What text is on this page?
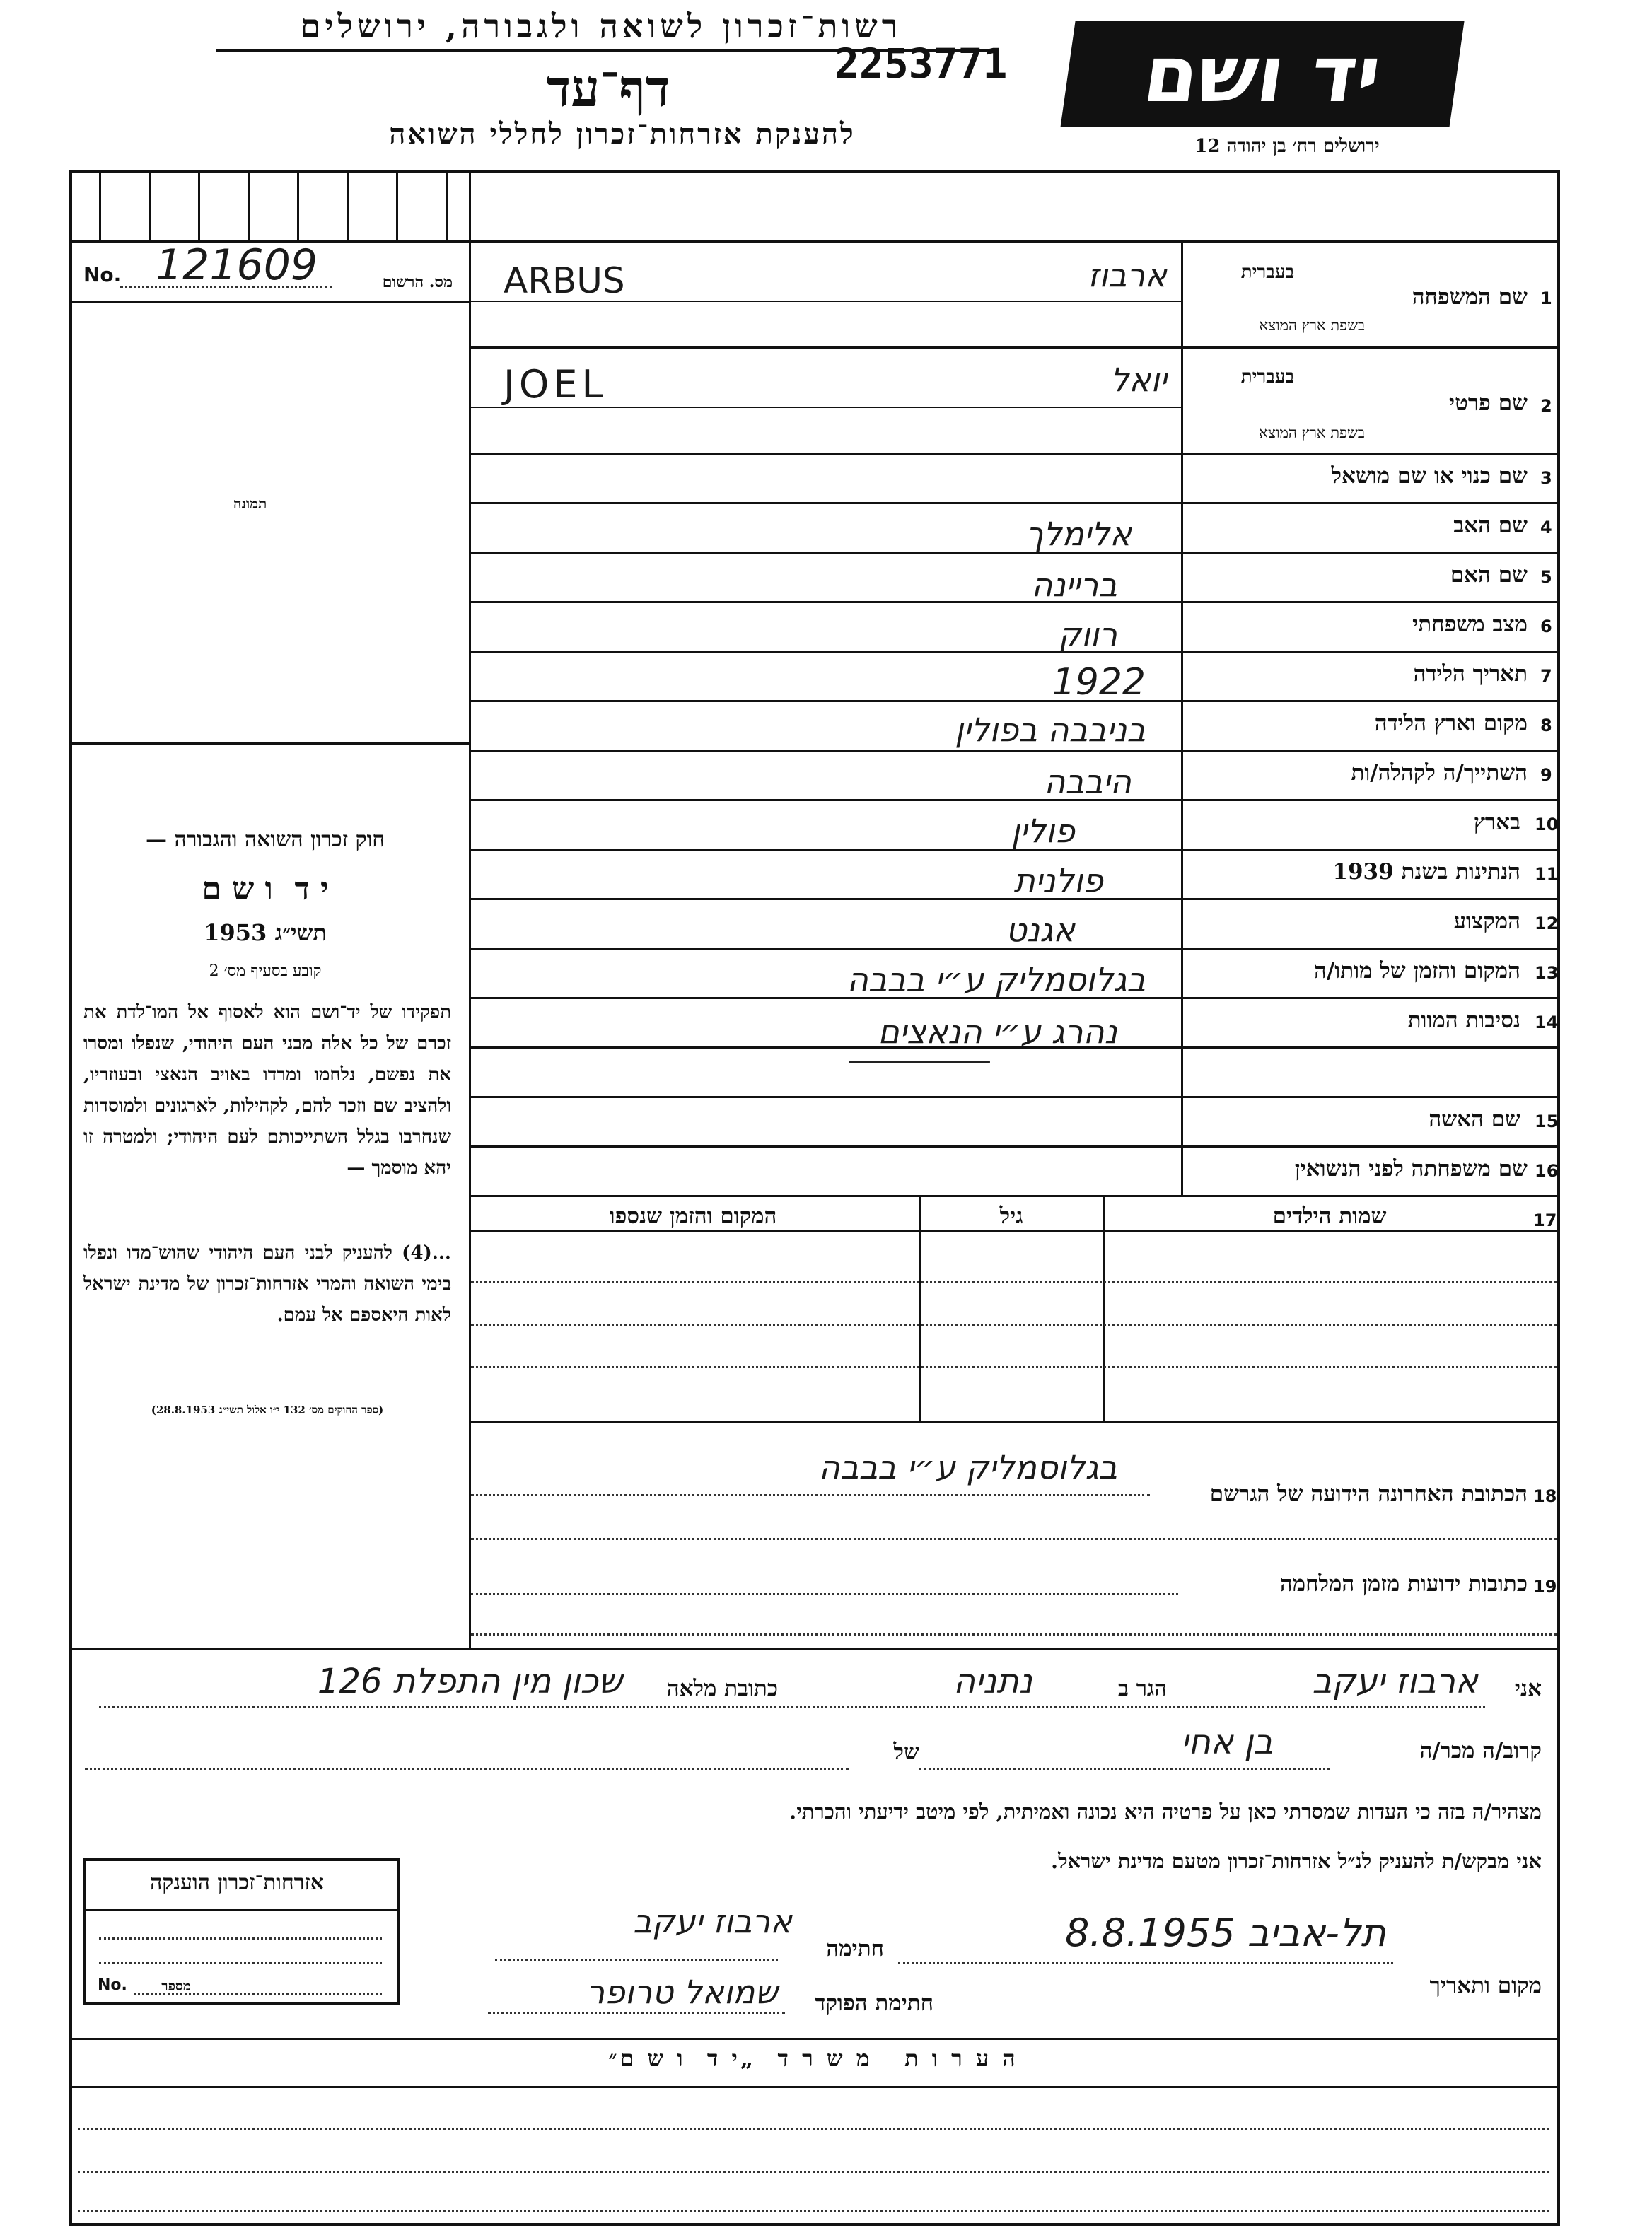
רשות־זכרון לשואה ולגבורה, ירושלים
2253771
דף־עד
להענקת אזרחות־זכרון לחללי השואה
יד ושם
ירושלים רח׳ בן יהודה 12
No. 121609	מס. הרשום
תמונה
חוק זכרון השואה והגבורה —
י ד  ו ש ם
תשי״ג 1953
קובע בסעיף מס׳ 2
תפקידו של יד־ושם הוא לאסוף אל המו־לדת את זכרם של כל אלה מבני העם היהודי, שנפלו ומסרו את נפשם, נלחמו ומרדו באויב הנאצי ובעוזריו, ולהציב שם וזכר להם, לקהילות, לארגונים ולמוסדות שנחרבו בגלל השתייכותם לעם היהודי; ולמטרה זו יהא מוסמך —
...(4) להעניק לבני העם היהודי שהוש־מדו ונפלו בימי השואה והמרי אזרחות־זכרון של מדינת ישראל לאות היאספם אל עמם.
(ספר החוקים מס׳ 132 י״ו אלול תשי״ג 28.8.1953)
1
שם המשפחה
בעברית
בשפת ארץ המוצא
ארבוז
ARBUS
2
שם פרטי
בעברית
בשפת ארץ המוצא
יואל
JOEL
3
שם כנוי או שם מושאל
4
שם האב
אלימלך
5
שם האם
בריינה
6
מצב משפחתי
רווק
7
תאריך הלידה
1922
8
מקום וארץ הלידה
בניבבה בפולין
9
השתייך/ה לקהלה/ות
היבבה
10
בארץ
פולין
11
הנתינות בשנת 1939
פולנית
12
המקצוע
אגנט
13
המקום והזמן של מותו/ה
בגלוסמליק ע״י בבבה
14
נסיבות המוות
נהרג ע״י הנאצים
15
שם האשה
16
שם משפחתה לפני הנשואין
17
שמות הילדים
גיל
המקום והזמן שנספו
18
הכתובת האחרונה הידועה של הגרשם
בגלוסמליק ע״י בבבה
19
כתובות ידועות מזמן המלחמה
אני
ארבוז יעקב
הגר ב
נתניה
כתובת מלאה
שכון מין התפלת 126
קרוב/ה מכר/ה
בן אחי
של
מצהיר/ה בזה כי העדות שמסרתי כאן על פרטיה היא נכונה ואמיתית, לפי מיטב ידיעתי והכרתי.
אני מבקש/ת להעניק לנ״ל אזרחות־זכרון מטעם מדינת ישראל.
מקום ותאריך
תל-אביב 8.8.1955
חתימה
ארבוז יעקב
חתימת הפוקד
שמואל טרופר
אזרחות־זכרון הוענקה
No.	מספר
ה ע ר ו ת   מ ש ר ד  „י ד  ו ש ם״
